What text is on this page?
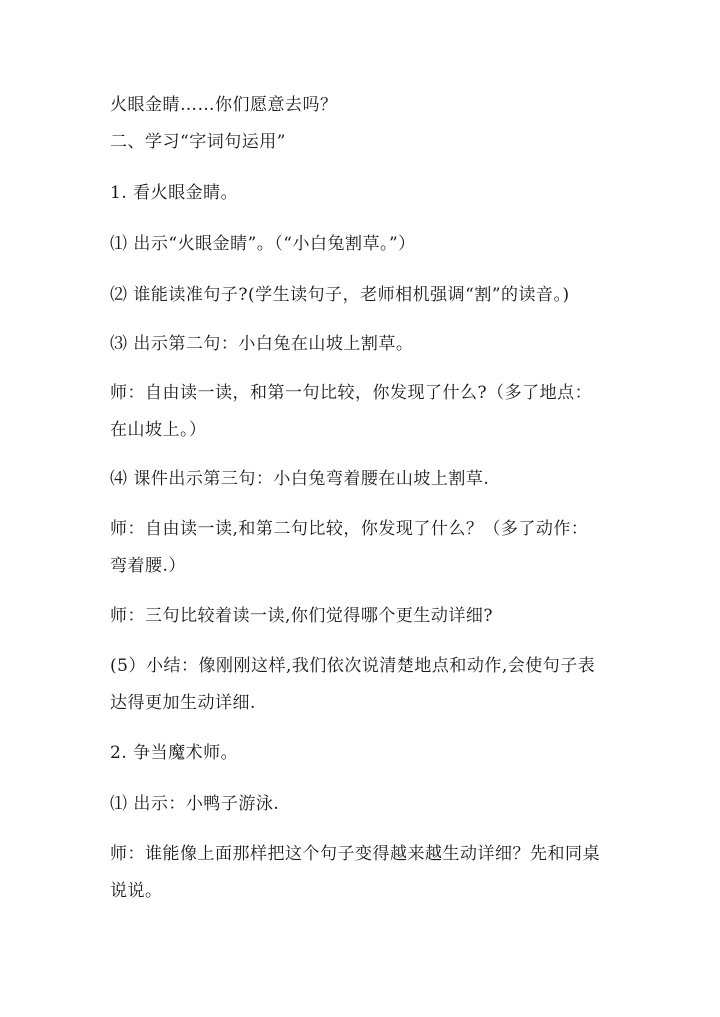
火眼金睛……你们愿意去吗？
二、学习“字词句运用”
1. 看火眼金睛。
⑴ 出示“火眼金睛”。（“小白兔割草。”）
⑵ 谁能读准句子?(学生读句子，老师相机强调“割”的读音。)
⑶ 出示第二句：小白兔在山坡上割草。
师：自由读一读，和第一句比较，你发现了什么?（多了地点：
在山坡上。）
⑷ 课件出示第三句：小白兔弯着腰在山坡上割草.
师：自由读一读,和第二句比较，你发现了什么？（多了动作：
弯着腰.）
师：三句比较着读一读,你们觉得哪个更生动详细?
(5）小结：像刚刚这样,我们依次说清楚地点和动作,会使句子表
达得更加生动详细.
2. 争当魔术师。
⑴ 出示：小鸭子游泳.
师：谁能像上面那样把这个句子变得越来越生动详细？先和同桌
说说。
